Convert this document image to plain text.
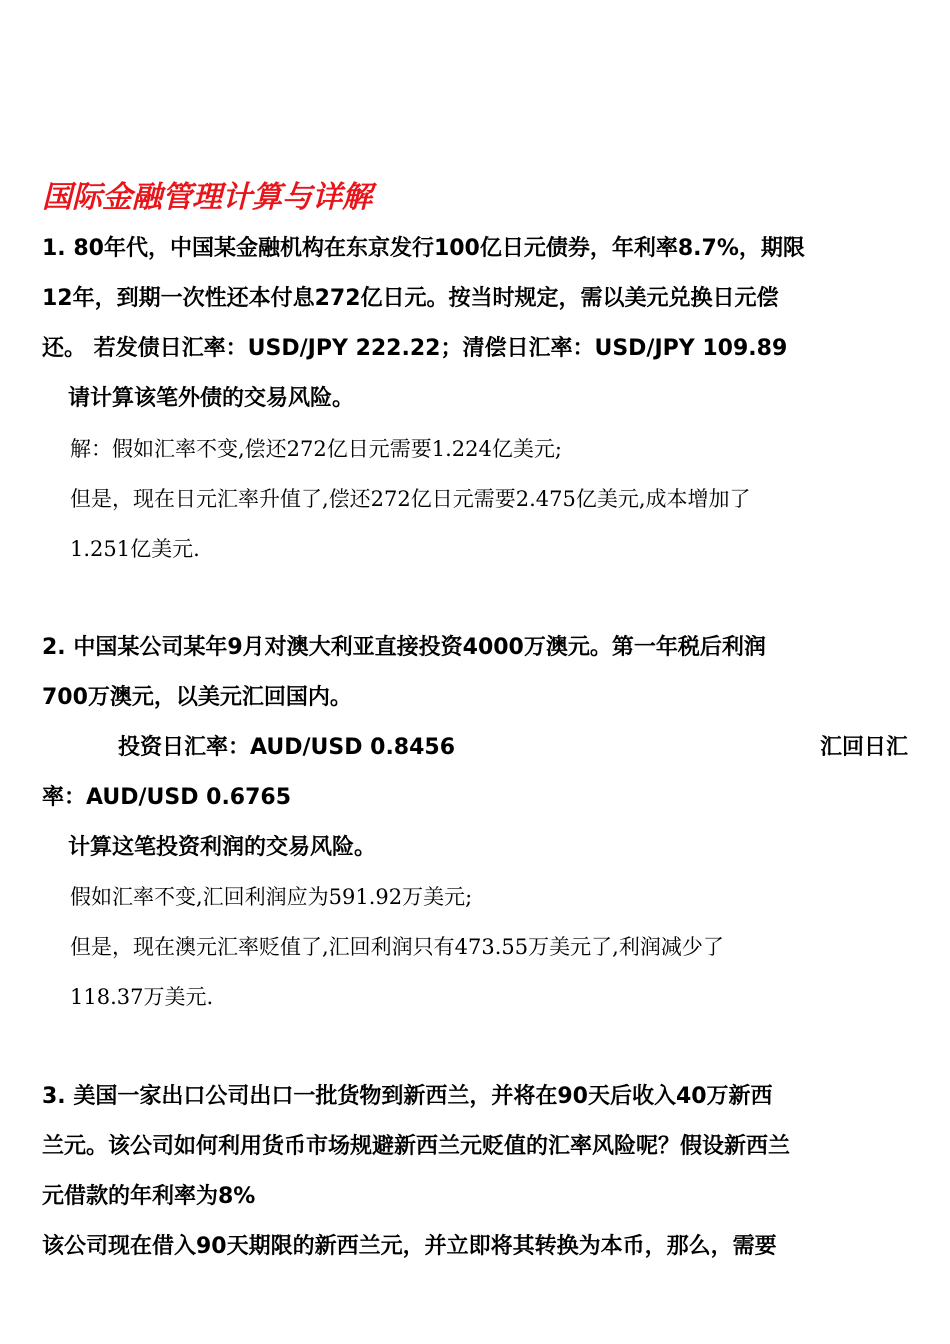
国际金融管理计算与详解
1. 80年代，中国某金融机构在东京发行100亿日元债券，年利率8.7%，期限
12年，到期一次性还本付息272亿日元。按当时规定，需以美元兑换日元偿
还。 若发债日汇率：USD/JPY 222.22；清偿日汇率：USD/JPY 109.89
请计算该笔外债的交易风险。
解：假如汇率不变,偿还272亿日元需要1.224亿美元;
但是，现在日元汇率升值了,偿还272亿日元需要2.475亿美元,成本增加了
1.251亿美元.
2. 中国某公司某年9月对澳大利亚直接投资4000万澳元。第一年税后利润
700万澳元，以美元汇回国内。
投资日汇率：AUD/USD 0.8456	汇回日汇
率：AUD/USD 0.6765
计算这笔投资利润的交易风险。
假如汇率不变,汇回利润应为591.92万美元;
但是，现在澳元汇率贬值了,汇回利润只有473.55万美元了,利润减少了
118.37万美元.
3. 美国一家出口公司出口一批货物到新西兰，并将在90天后收入40万新西
兰元。该公司如何利用货币市场规避新西兰元贬值的汇率风险呢？假设新西兰
元借款的年利率为8%
该公司现在借入90天期限的新西兰元，并立即将其转换为本币，那么，需要
